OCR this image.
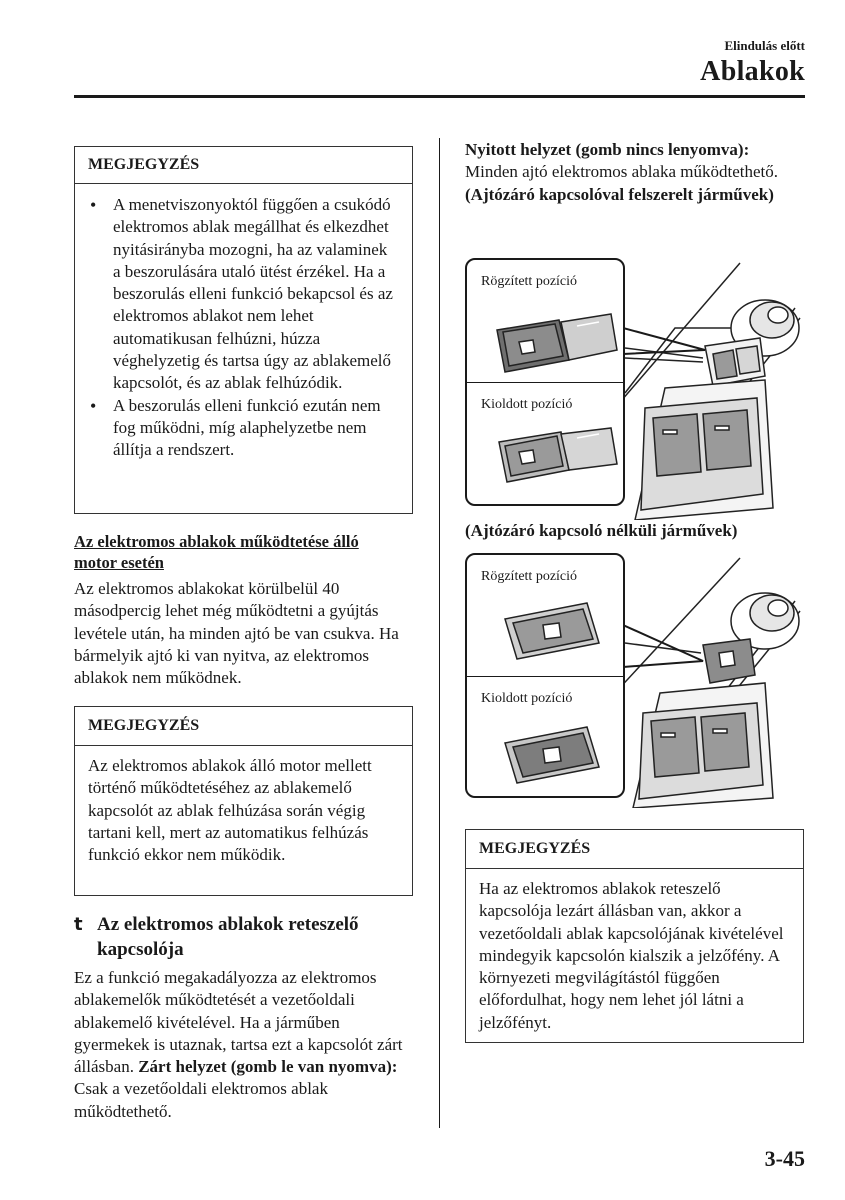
Elindulás előtt
Ablakok
MEGJEGYZÉS
• A menetviszonyoktól függően a csukódó elektromos ablak megállhat és elkezdhet nyitásirányba mozogni, ha az valaminek a beszorulására utaló ütést érzékel. Ha a beszorulás elleni funkció bekapcsol és az elektromos ablakot nem lehet automatikusan felhúzni, húzza véghelyzetig és tartsa úgy az ablakemelő kapcsolót, és az ablak felhúzódik.
• A beszorulás elleni funkció ezután nem fog működni, míg alaphelyzetbe nem állítja a rendszert.
Az elektromos ablakok működtetése álló motor esetén
Az elektromos ablakokat körülbelül 40 másodpercig lehet még működtetni a gyújtás levétele után, ha minden ajtó be van csukva. Ha bármelyik ajtó ki van nyitva, az elektromos ablakok nem működnek.
MEGJEGYZÉS
Az elektromos ablakok álló motor mellett történő működtetéséhez az ablakemelő kapcsolót az ablak felhúzása során végig tartani kell, mert az automatikus felhúzás funkció ekkor nem működik.
t Az elektromos ablakok reteszelő kapcsolója
Ez a funkció megakadályozza az elektromos ablakemelők működtetését a vezetőoldali ablakemelő kivételével. Ha a járműben gyermekek is utaznak, tartsa ezt a kapcsolót zárt állásban. Zárt helyzet (gomb le van nyomva): Csak a vezetőoldali elektromos ablak működtethető.
Nyitott helyzet (gomb nincs lenyomva):
Minden ajtó elektromos ablaka működtethető.
(Ajtózáró kapcsolóval felszerelt járművek)
Rögzített pozíció
Kioldott pozíció
(Ajtózáró kapcsoló nélküli járművek)
Rögzített pozíció
Kioldott pozíció
MEGJEGYZÉS
Ha az elektromos ablakok reteszelő kapcsolója lezárt állásban van, akkor a vezetőoldali ablak kapcsolójának kivételével mindegyik kapcsolón kialszik a jelzőfény. A környezeti megvilágítástól függően előfordulhat, hogy nem lehet jól látni a jelzőfényt.
3-45
